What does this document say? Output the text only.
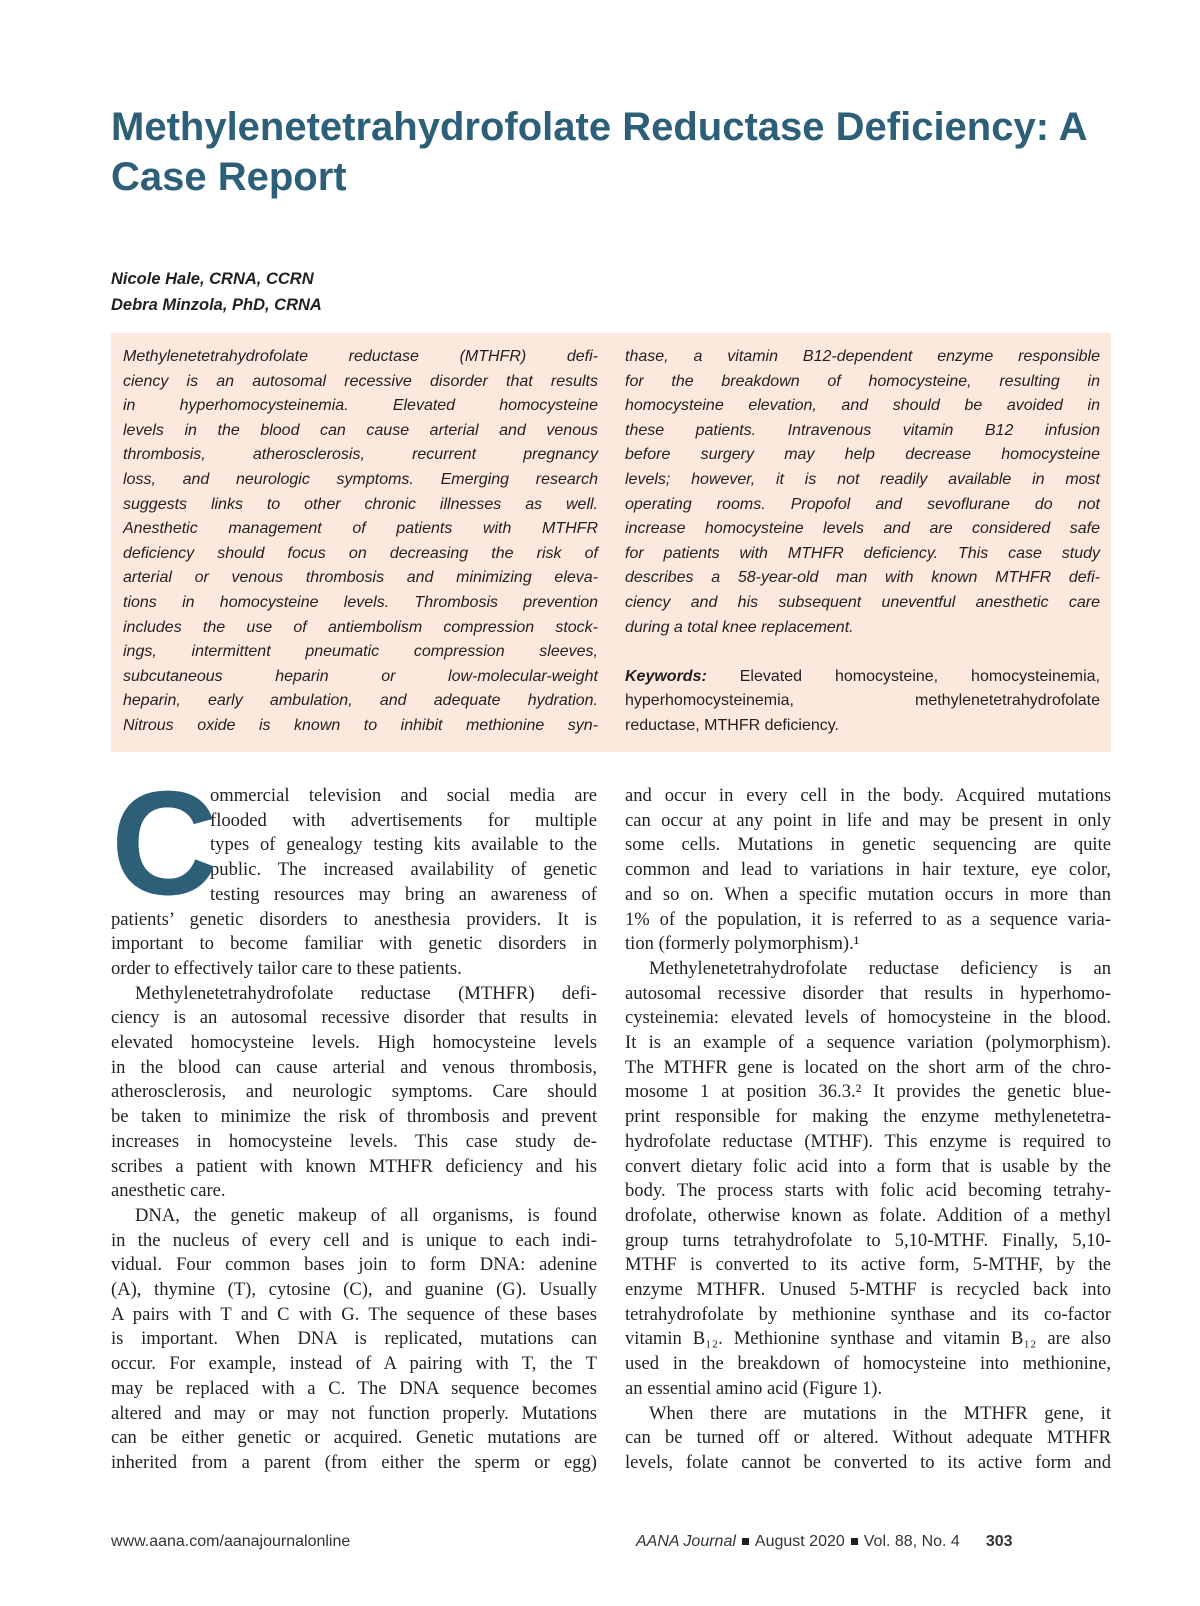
Methylenetetrahydrofolate Reductase Deficiency: A Case Report
Nicole Hale, CRNA, CCRN
Debra Minzola, PhD, CRNA
Methylenetetrahydrofolate reductase (MTHFR) defi-
ciency is an autosomal recessive disorder that results
in hyperhomocysteinemia. Elevated homocysteine
levels in the blood can cause arterial and venous
thrombosis, atherosclerosis, recurrent pregnancy
loss, and neurologic symptoms. Emerging research
suggests links to other chronic illnesses as well.
Anesthetic management of patients with MTHFR
deficiency should focus on decreasing the risk of
arterial or venous thrombosis and minimizing eleva-
tions in homocysteine levels. Thrombosis prevention
includes the use of antiembolism compression stock-
ings, intermittent pneumatic compression sleeves,
subcutaneous heparin or low-molecular-weight
heparin, early ambulation, and adequate hydration.
Nitrous oxide is known to inhibit methionine syn-
thase, a vitamin B12-dependent enzyme responsible
for the breakdown of homocysteine, resulting in
homocysteine elevation, and should be avoided in
these patients. Intravenous vitamin B12 infusion
before surgery may help decrease homocysteine
levels; however, it is not readily available in most
operating rooms. Propofol and sevoflurane do not
increase homocysteine levels and are considered safe
for patients with MTHFR deficiency. This case study
describes a 58-year-old man with known MTHFR defi-
ciency and his subsequent uneventful anesthetic care
during a total knee replacement.
Keywords: Elevated homocysteine, homocysteinemia,
hyperhomocysteinemia, methylenetetrahydrofolate
reductase, MTHFR deficiency.
C
ommercial television and social media are
flooded with advertisements for multiple
types of genealogy testing kits available to the
public. The increased availability of genetic
testing resources may bring an awareness of
patients’ genetic disorders to anesthesia providers. It is
important to become familiar with genetic disorders in
order to effectively tailor care to these patients.
Methylenetetrahydrofolate reductase (MTHFR) defi-
ciency is an autosomal recessive disorder that results in
elevated homocysteine levels. High homocysteine levels
in the blood can cause arterial and venous thrombosis,
atherosclerosis, and neurologic symptoms. Care should
be taken to minimize the risk of thrombosis and prevent
increases in homocysteine levels. This case study de-
scribes a patient with known MTHFR deficiency and his
anesthetic care.
DNA, the genetic makeup of all organisms, is found
in the nucleus of every cell and is unique to each indi-
vidual. Four common bases join to form DNA: adenine
(A), thymine (T), cytosine (C), and guanine (G). Usually
A pairs with T and C with G. The sequence of these bases
is important. When DNA is replicated, mutations can
occur. For example, instead of A pairing with T, the T
may be replaced with a C. The DNA sequence becomes
altered and may or may not function properly. Mutations
can be either genetic or acquired. Genetic mutations are
inherited from a parent (from either the sperm or egg)
and occur in every cell in the body. Acquired mutations
can occur at any point in life and may be present in only
some cells. Mutations in genetic sequencing are quite
common and lead to variations in hair texture, eye color,
and so on. When a specific mutation occurs in more than
1% of the population, it is referred to as a sequence varia-
tion (formerly polymorphism).¹
Methylenetetrahydrofolate reductase deficiency is an
autosomal recessive disorder that results in hyperhomo-
cysteinemia: elevated levels of homocysteine in the blood.
It is an example of a sequence variation (polymorphism).
The MTHFR gene is located on the short arm of the chro-
mosome 1 at position 36.3.² It provides the genetic blue-
print responsible for making the enzyme methylenetetra-
hydrofolate reductase (MTHF). This enzyme is required to
convert dietary folic acid into a form that is usable by the
body. The process starts with folic acid becoming tetrahy-
drofolate, otherwise known as folate. Addition of a methyl
group turns tetrahydrofolate to 5,10-MTHF. Finally, 5,10-
MTHF is converted to its active form, 5-MTHF, by the
enzyme MTHFR. Unused 5-MTHF is recycled back into
tetrahydrofolate by methionine synthase and its co-factor
vitamin B₁₂. Methionine synthase and vitamin B₁₂ are also
used in the breakdown of homocysteine into methionine,
an essential amino acid (Figure 1).
When there are mutations in the MTHFR gene, it
can be turned off or altered. Without adequate MTHFR
levels, folate cannot be converted to its active form and
www.aana.com/aanajournalonline	AANA Journal August 2020 Vol. 88, No. 4 303
